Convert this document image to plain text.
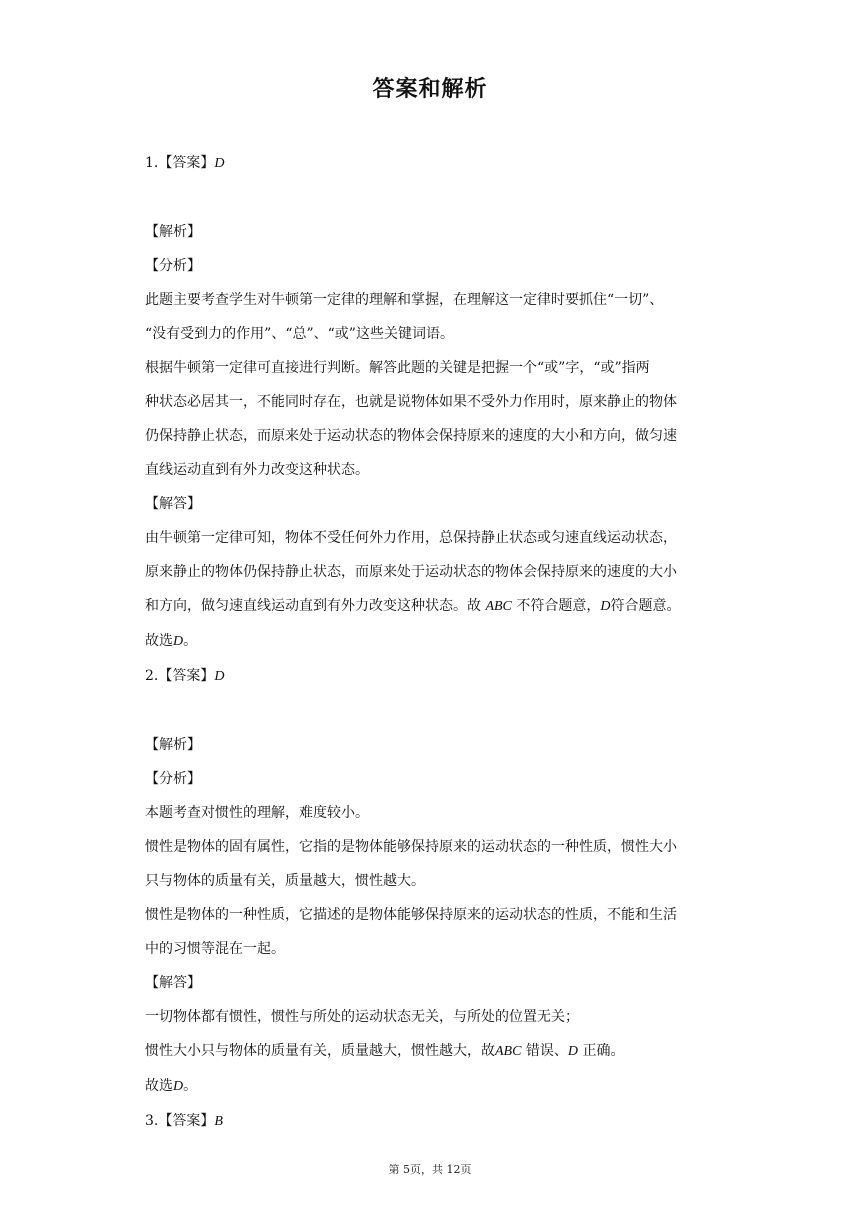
答案和解析

1.【答案】D

【解析】

【分析】

此题主要考查学生对牛顿第一定律的理解和掌握，在理解这一定律时要抓住“一切”、

“没有受到力的作用”、“总”、“或”这些关键词语。

根据牛顿第一定律可直接进行判断。解答此题的关键是把握一个“或”字，“或”指两

种状态必居其一，不能同时存在，也就是说物体如果不受外力作用时，原来静止的物体

仍保持静止状态，而原来处于运动状态的物体会保持原来的速度的大小和方向，做匀速

直线运动直到有外力改变这种状态。

【解答】

由牛顿第一定律可知，物体不受任何外力作用，总保持静止状态或匀速直线运动状态，

原来静止的物体仍保持静止状态，而原来处于运动状态的物体会保持原来的速度的大小

和方向，做匀速直线运动直到有外力改变这种状态。故 ABC 不符合题意，D符合题意。

故选D。

2.【答案】D

【解析】

【分析】

本题考查对惯性的理解，难度较小。

惯性是物体的固有属性，它指的是物体能够保持原来的运动状态的一种性质，惯性大小

只与物体的质量有关，质量越大，惯性越大。

惯性是物体的一种性质，它描述的是物体能够保持原来的运动状态的性质，不能和生活

中的习惯等混在一起。

【解答】

一切物体都有惯性，惯性与所处的运动状态无关，与所处的位置无关；

惯性大小只与物体的质量有关，质量越大，惯性越大，故ABC 错误、D 正确。

故选D。

3.【答案】B

第 5页，共 12页
